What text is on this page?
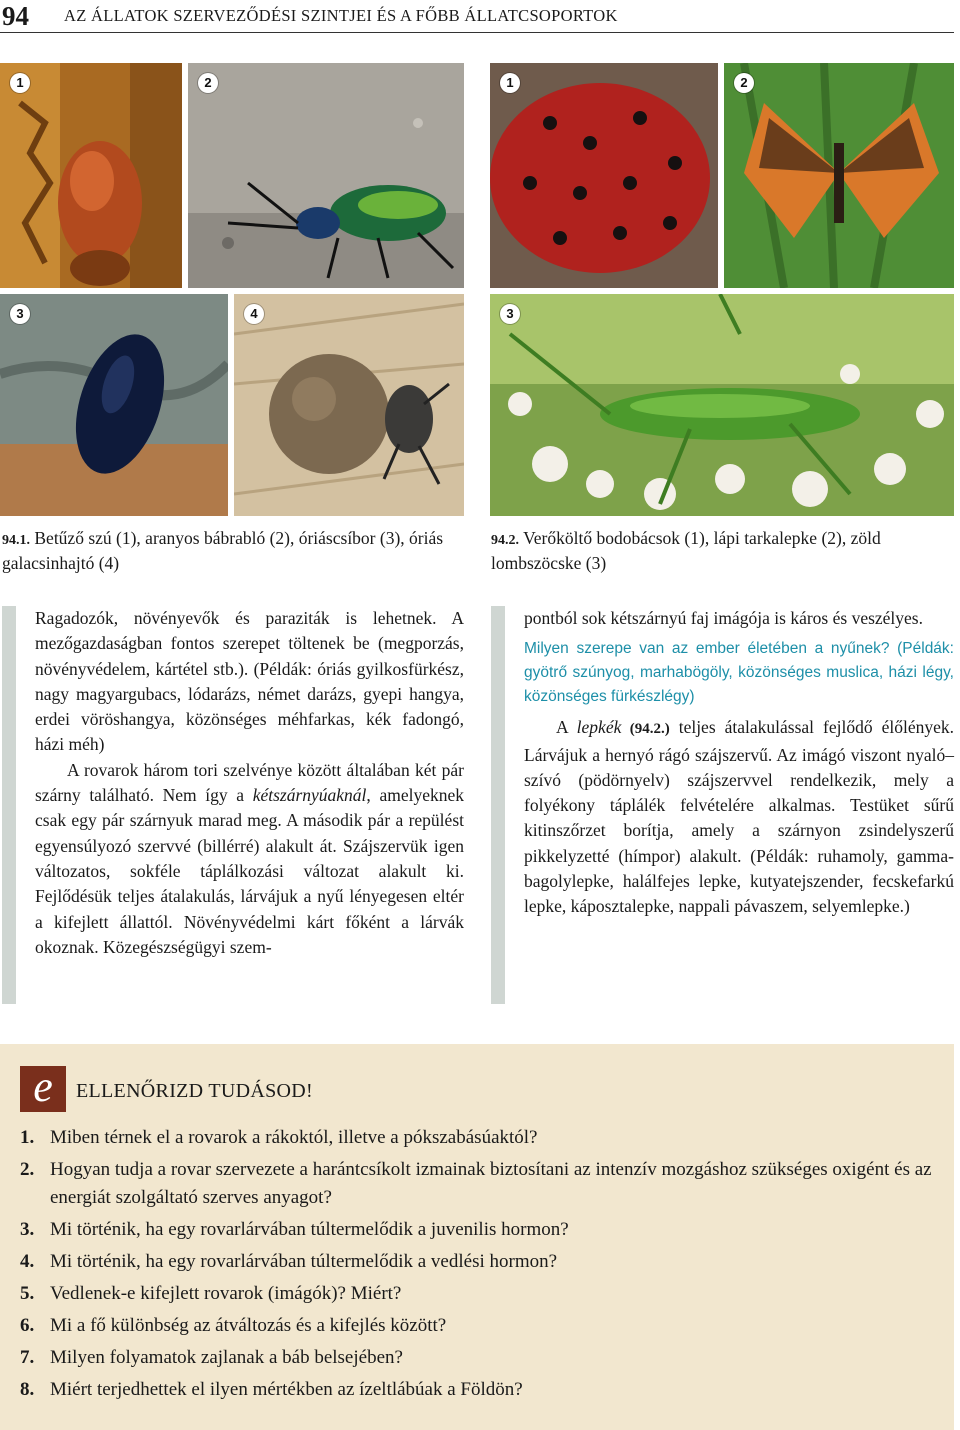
94 AZ ÁLLATOK SZERVEZŐDÉSI SZINTJEI ÉS A FŐBB ÁLLATCSOPORTOK
1	2
3	4
94.1. Betűző szú (1), aranyos bábrabló (2), óriáscsíbor (3), óriás galacsinhajtó (4)
1	2
3
94.2. Verőköltő bodobácsok (1), lápi tarkalepke (2), zöld lombszöcske (3)

Ragadozók, növényevők és paraziták is lehetnek. A mezőgazdaságban fontos szerepet töltenek be (megporzás, növényvédelem, kártétel stb.). (Példák: óriás gyilkosfürkész, nagy magyargubacs, lódarázs, német darázs, gyepi hangya, erdei vöröshangya, közönséges méhfarkas, kék fadongó, házi méh)

A rovarok három tori szelvénye között általában két pár szárny található. Nem így a kétszárnyúaknál, amelyeknek csak egy pár szárnyuk marad meg. A második pár a repülést egyensúlyozó szervvé (billérré) alakult át. Szájszervük igen változatos, sokféle táplálkozási változat alakult ki. Fejlődésük teljes átalakulás, lárvájuk a nyű lényegesen eltér a kifejlett állattól. Növényvédelmi kárt főként a lárvák okoznak. Közegészségügyi szem-

pontból sok kétszárnyú faj imágója is káros és veszélyes.

Milyen szerepe van az ember életében a nyűnek? (Példák: gyötrő szúnyog, marhabögöly, közönséges muslica, házi légy, közönséges fürkészlégy)

A lepkék (94.2.) teljes átalakulással fejlődő élőlények. Lárvájuk a hernyó rágó szájszervű. Az imágó viszont nyaló–szívó (pödörnyelv) szájszervvel rendelkezik, mely a folyékony táplálék felvételére alkalmas. Testüket sűrű kitinszőrzet borítja, amely a szárnyon zsindelyszerű pikkelyzetté (hímpor) alakult. (Példák: ruhamoly, gamma-bagolylepke, halálfejes lepke, kutyatejszender, fecskefarkú lepke, káposztalepke, nappali pávaszem, selyemlepke.)

e	ELLENŐRIZD TUDÁSOD!
1. Miben térnek el a rovarok a rákoktól, illetve a pókszabásúaktól?
2. Hogyan tudja a rovar szervezete a harántcsíkolt izmainak biztosítani az intenzív mozgáshoz szükséges oxigént és az energiát szolgáltató szerves anyagot?
3. Mi történik, ha egy rovarlárvában túltermelődik a juvenilis hormon?
4. Mi történik, ha egy rovarlárvában túltermelődik a vedlési hormon?
5. Vedlenek-e kifejlett rovarok (imágók)? Miért?
6. Mi a fő különbség az átváltozás és a kifejlés között?
7. Milyen folyamatok zajlanak a báb belsejében?
8. Miért terjedhettek el ilyen mértékben az ízeltlábúak a Földön?
